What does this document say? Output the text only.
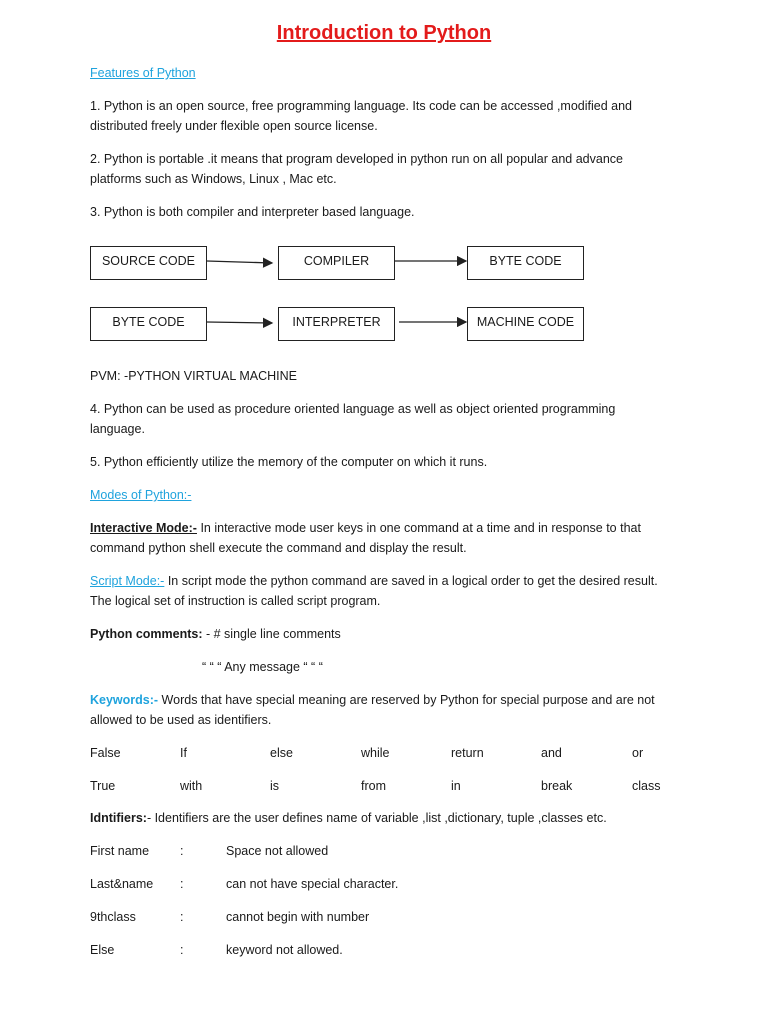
Introduction to Python
Features of Python
1. Python is an open source, free programming language. Its code can be accessed ,modified and
distributed freely under flexible open source license.
2. Python is portable .it means that program developed in python run on all popular and advance
platforms such as Windows, Linux , Mac etc.
3. Python is both compiler and interpreter based language.
SOURCE CODE	COMPILER	BYTE CODE
BYTE CODE	INTERPRETER	MACHINE CODE
PVM: -PYTHON VIRTUAL MACHINE
4. Python can be used as procedure oriented language as well as object oriented programming
language.
5. Python efficiently utilize the memory of the computer on which it runs.
Modes of Python:-
Interactive Mode:- In interactive mode user keys in one command at a time and in response to that
command python shell execute the command and display the result.
Script Mode:- In script mode the python command are saved in a logical order to get the desired result.
The logical set of instruction is called script program.
Python comments: - # single line comments
“ “ “ Any message “ “ “
Keywords:- Words that have special meaning are reserved by Python for special purpose and are not
allowed to be used as identifiers.
False	If	else	while	return	and	or
True	with	is	from	in	break	class
Idntifiers:- Identifiers are the user defines name of variable ,list ,dictionary, tuple ,classes etc.
First name :	Space not allowed
Last&name :	can not have special character.
9thclass	:	cannot begin with number
Else	:	keyword not allowed.
